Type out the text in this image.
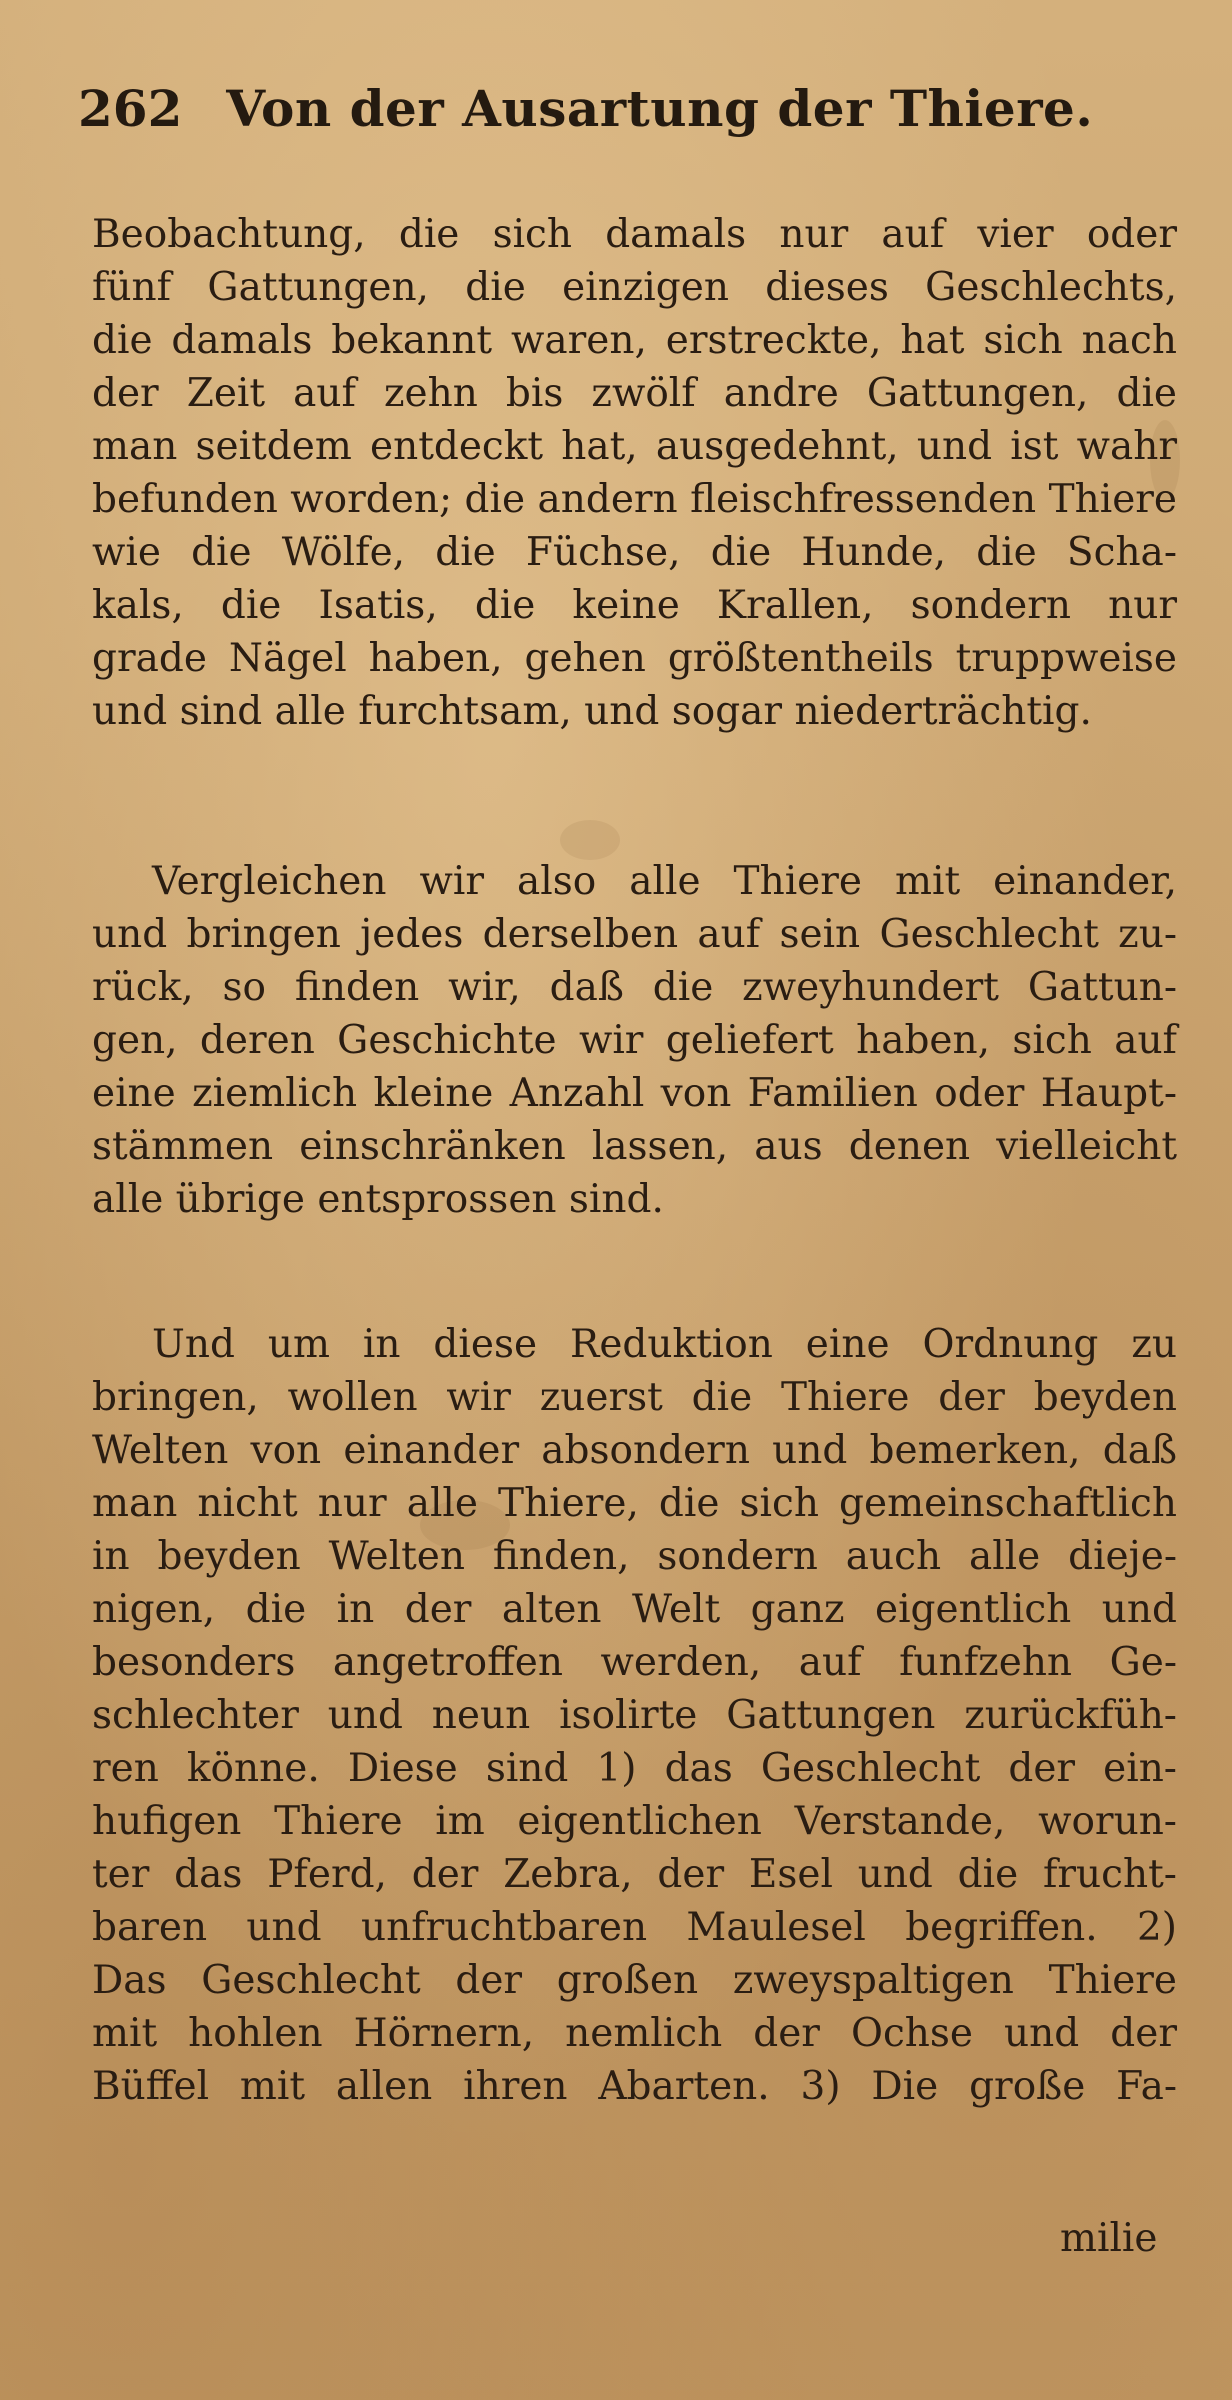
262 Von der Ausartung der Thiere.

Beobachtung, die sich damals nur auf vier oder
fünf Gattungen, die einzigen dieses Geschlechts,
die damals bekannt waren, erstreckte, hat sich nach
der Zeit auf zehn bis zwölf andre Gattungen, die
man seitdem entdeckt hat, ausgedehnt, und ist wahr
befunden worden; die andern fleischfressenden Thiere
wie die Wölfe, die Füchse, die Hunde, die Scha-
kals, die Isatis, die keine Krallen, sondern nur
grade Nägel haben, gehen größtentheils truppweise
und sind alle furchtsam, und sogar niederträchtig.

Vergleichen wir also alle Thiere mit einander,
und bringen jedes derselben auf sein Geschlecht zu-
rück, so finden wir, daß die zweyhundert Gattun-
gen, deren Geschichte wir geliefert haben, sich auf
eine ziemlich kleine Anzahl von Familien oder Haupt-
stämmen einschränken lassen, aus denen vielleicht
alle übrige entsprossen sind.

Und um in diese Reduktion eine Ordnung zu
bringen, wollen wir zuerst die Thiere der beyden
Welten von einander absondern und bemerken, daß
man nicht nur alle Thiere, die sich gemeinschaftlich
in beyden Welten finden, sondern auch alle dieje-
nigen, die in der alten Welt ganz eigentlich und
besonders angetroffen werden, auf funfzehn Ge-
schlechter und neun isolirte Gattungen zurückfüh-
ren könne. Diese sind 1) das Geschlecht der ein-
hufigen Thiere im eigentlichen Verstande, worun-
ter das Pferd, der Zebra, der Esel und die frucht-
baren und unfruchtbaren Maulesel begriffen. 2)
Das Geschlecht der großen zweyspaltigen Thiere
mit hohlen Hörnern, nemlich der Ochse und der
Büffel mit allen ihren Abarten. 3) Die große Fa-

milie
